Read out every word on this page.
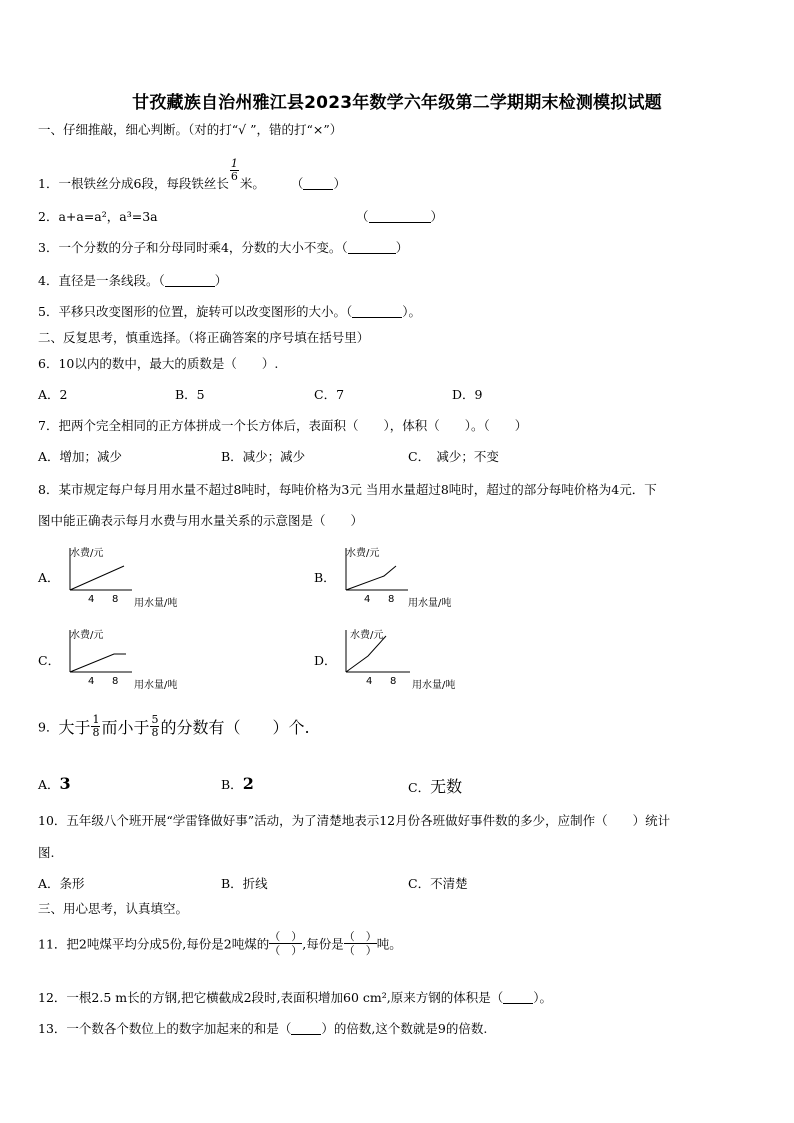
甘孜藏族自治州雅江县2023年数学六年级第二学期期末检测模拟试题
一、仔细推敲，细心判断。（对的打“√ ”，错的打“×”）
1．一根铁丝分成6段，每段铁丝长
$\frac{1}{6}$
米。 （ ）
2．a+a=a²，a³=3a	（	）
3．一个分数的分子和分母同时乘4，分数的大小不变。（	）
4．直径是一条线段。（	）
5．平移只改变图形的位置，旋转可以改变图形的大小。（	）。
二、反复思考，慎重选择。（将正确答案的序号填在括号里）
6．10以内的数中，最大的质数是（　　）.
A．2	B．5	C．7	D．9
7．把两个完全相同的正方体拼成一个长方体后，表面积（　　），体积（　　）。（　　）
A．增加；减少	B．减少；减少	C．　减少；不变
8．某市规定每户每月用水量不超过8吨时，每吨价格为3元 当用水量超过8吨时，超过的部分每吨价格为4元．下
图中能正确表示每月水费与用水量关系的示意图是（　　）
A．
水费/元
4 8 用水量/吨
B．
水费/元
4 8 用水量/吨
C．
水费/元
4 8 用水量/吨
D．
水费/元
4 8 用水量/吨
9．大于 $\frac{1}{8}$ 而小于 $\frac{5}{8}$ 的分数有（　　）个.
A．3	B．2	C．无数
10．五年级八个班开展“学雷锋做好事”活动，为了清楚地表示12月份各班做好事件数的多少，应制作（　　）统计
图.
A．条形	B．折线	C．不清楚
三、用心思考，认真填空。
11．把2吨煤平均分成5份,每份是2吨煤的 （　）
（　）,每份是 （　）
（　）吨。
12．一根2.5 m长的方钢,把它横截成2段时,表面积增加60 cm²,原来方钢的体积是（ ）。
13．一个数各个数位上的数字加起来的和是（ ）的倍数,这个数就是9的倍数.
